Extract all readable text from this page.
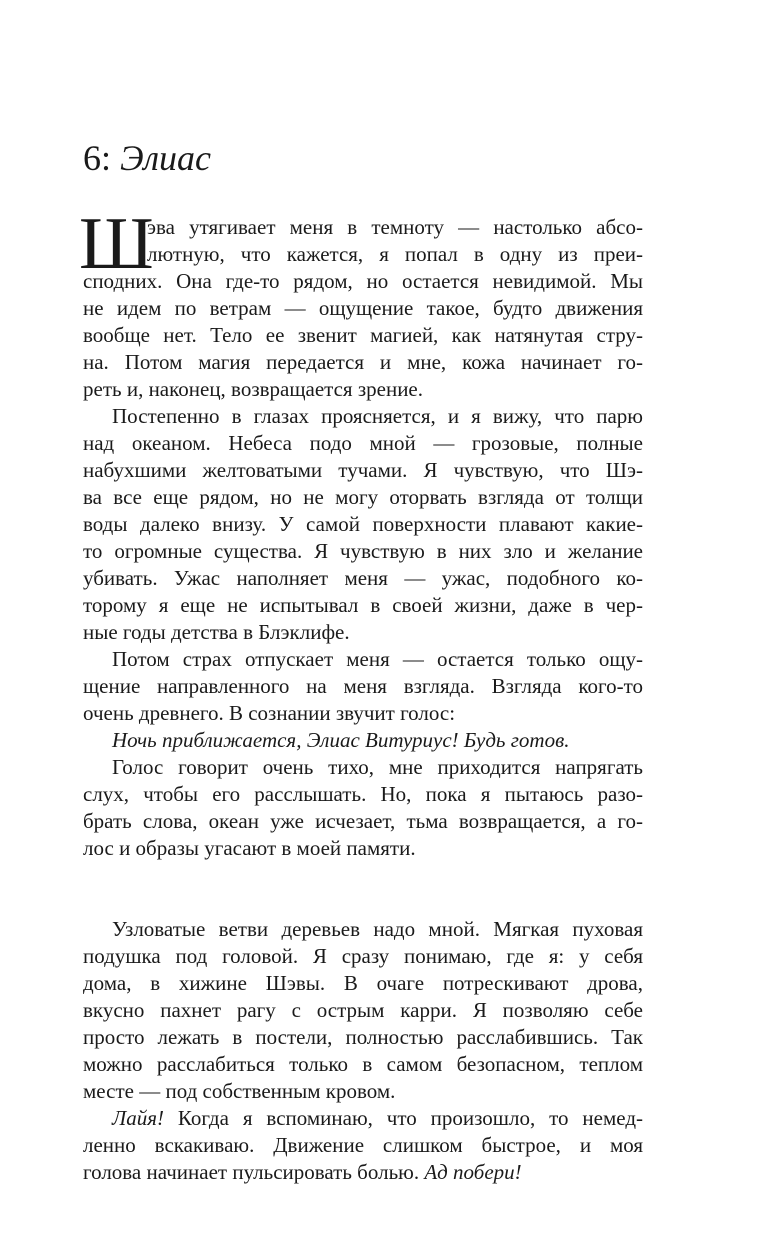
6: Элиас
Ш
эва утягивает меня в темноту — настолько абсо-
лютную, что кажется, я попал в одну из преи-
сподних. Она где-то рядом, но остается невидимой. Мы
не идем по ветрам — ощущение такое, будто движения
вообще нет. Тело ее звенит магией, как натянутая стру-
на. Потом магия передается и мне, кожа начинает го-
реть и, наконец, возвращается зрение.
Постепенно в глазах проясняется, и я вижу, что парю
над океаном. Небеса подо мной — грозовые, полные
набухшими желтоватыми тучами. Я чувствую, что Шэ-
ва все еще рядом, но не могу оторвать взгляда от толщи
воды далеко внизу. У самой поверхности плавают какие-
то огромные существа. Я чувствую в них зло и желание
убивать. Ужас наполняет меня — ужас, подобного ко-
торому я еще не испытывал в своей жизни, даже в чер-
ные годы детства в Блэклифе.
Потом страх отпускает меня — остается только ощу-
щение направленного на меня взгляда. Взгляда кого-то
очень древнего. В сознании звучит голос:
Ночь приближается, Элиас Витуриус! Будь готов.
Голос говорит очень тихо, мне приходится напрягать
слух, чтобы его расслышать. Но, пока я пытаюсь разо-
брать слова, океан уже исчезает, тьма возвращается, а го-
лос и образы угасают в моей памяти.
Узловатые ветви деревьев надо мной. Мягкая пуховая
подушка под головой. Я сразу понимаю, где я: у себя
дома, в хижине Шэвы. В очаге потрескивают дрова,
вкусно пахнет рагу с острым карри. Я позволяю себе
просто лежать в постели, полностью расслабившись. Так
можно расслабиться только в самом безопасном, теплом
месте — под собственным кровом.
Лайя! Когда я вспоминаю, что произошло, то немед-
ленно вскакиваю. Движение слишком быстрое, и моя
голова начинает пульсировать болью. Ад побери!
